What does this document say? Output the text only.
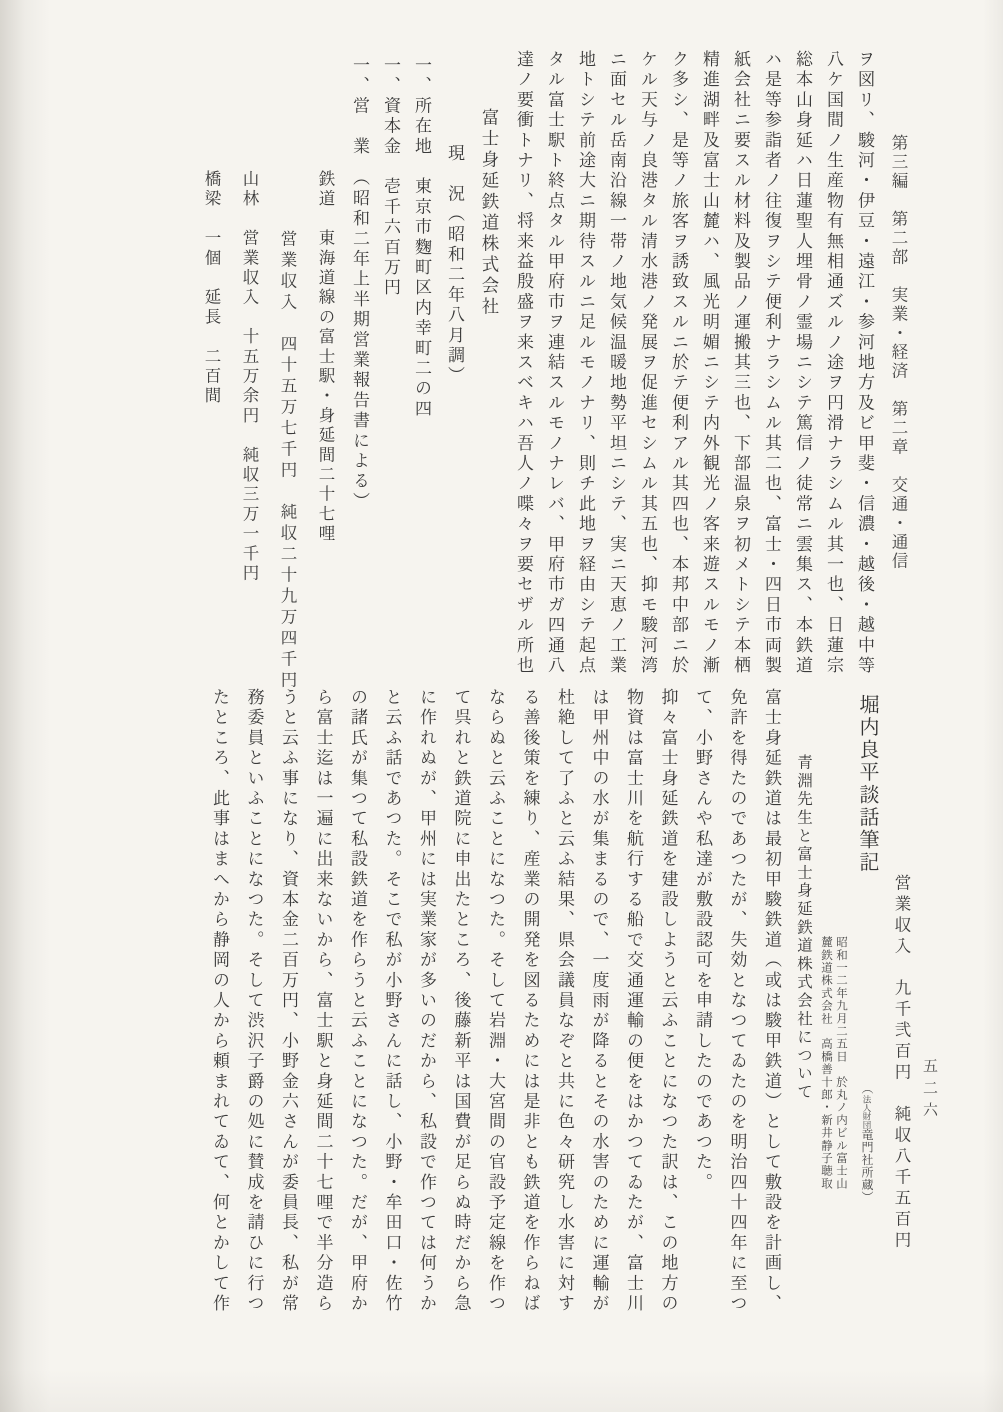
第三編　第二部　実業・経済　第二章　交通・通信

ヲ図リ、駿河・伊豆・遠江・参河地方及ビ甲斐・信濃・越後・越中等

八ケ国間ノ生産物有無相通ズルノ途ヲ円滑ナラシムル其一也、日蓮宗

総本山身延ハ日蓮聖人埋骨ノ霊場ニシテ篤信ノ徒常ニ雲集ス、本鉄道

ハ是等参詣者ノ往復ヲシテ便利ナラシムル其二也、富士・四日市両製

紙会社ニ要スル材料及製品ノ運搬其三也、下部温泉ヲ初メトシテ本栖

精進湖畔及富士山麓ハ、風光明媚ニシテ内外観光ノ客来遊スルモノ漸

ク多シ、是等ノ旅客ヲ誘致スルニ於テ便利アル其四也、本邦中部ニ於

ケル天与ノ良港タル清水港ノ発展ヲ促進セシムル其五也、抑モ駿河湾

ニ面セル岳南沿線一帯ノ地気候温暖地勢平坦ニシテ、実ニ天恵ノ工業

地トシテ前途大ニ期待スルニ足ルモノナリ、則チ此地ヲ経由シテ起点

タル富士駅ト終点タル甲府市ヲ連結スルモノナレバ、甲府市ガ四通八

達ノ要衝トナリ、将来益殷盛ヲ来スベキハ吾人ノ喋々ヲ要セザル所也

富士身延鉄道株式会社

現　況（昭和二年八月調）

一、所在地　東京市麴町区内幸町二の四

一、資本金　壱千六百万円

一、営　業　（昭和二年上半期営業報告書による）

鉄道　東海道線の富士駅・身延間二十七哩

営業収入　四十五万七千円　純収二十九万四千円

山林　営業収入　十五万余円　純収三万一千円

橋梁　一個　延長　二百間

営業収入　九千弐百円　純収八千五百円

堀内良平談話筆記（
財団
法人
竜門社所蔵）

昭和一二年九月二五日　於丸ノ内ビル富士山

麓鉄道株式会社　高橋善十郎・新井静子聴取

青淵先生と富士身延鉄道株式会社について

富士身延鉄道は最初甲駿鉄道（或は駿甲鉄道）として敷設を計画し、

免許を得たのであつたが、失効となつてゐたのを明治四十四年に至つ

て、小野さんや私達が敷設認可を申請したのであつた。

抑々富士身延鉄道を建設しようと云ふことになつた訳は、この地方の

物資は富士川を航行する船で交通運輸の便をはかつてゐたが、富士川

は甲州中の水が集まるので、一度雨が降るとその水害のために運輸が

杜絶して了ふと云ふ結果、県会議員なぞと共に色々研究し水害に対す

る善後策を練り、産業の開発を図るためには是非とも鉄道を作らねば

ならぬと云ふことになつた。そして岩淵・大宮間の官設予定線を作つ

て呉れと鉄道院に申出たところ、後藤新平は国費が足らぬ時だから急

に作れぬが、甲州には実業家が多いのだから、私設で作つては何うか

と云ふ話であつた。そこで私が小野さんに話し、小野・牟田口・佐竹

の諸氏が集つて私設鉄道を作らうと云ふことになつた。だが、甲府か

ら富士迄は一遍に出来ないから、富士駅と身延間二十七哩で半分造ら

うと云ふ事になり、資本金二百万円、小野金六さんが委員長、私が常

務委員といふことになつた。そして渋沢子爵の処に賛成を請ひに行つ

たところ、此事はまへから静岡の人から頼まれてゐて、何とかして作	五二六
